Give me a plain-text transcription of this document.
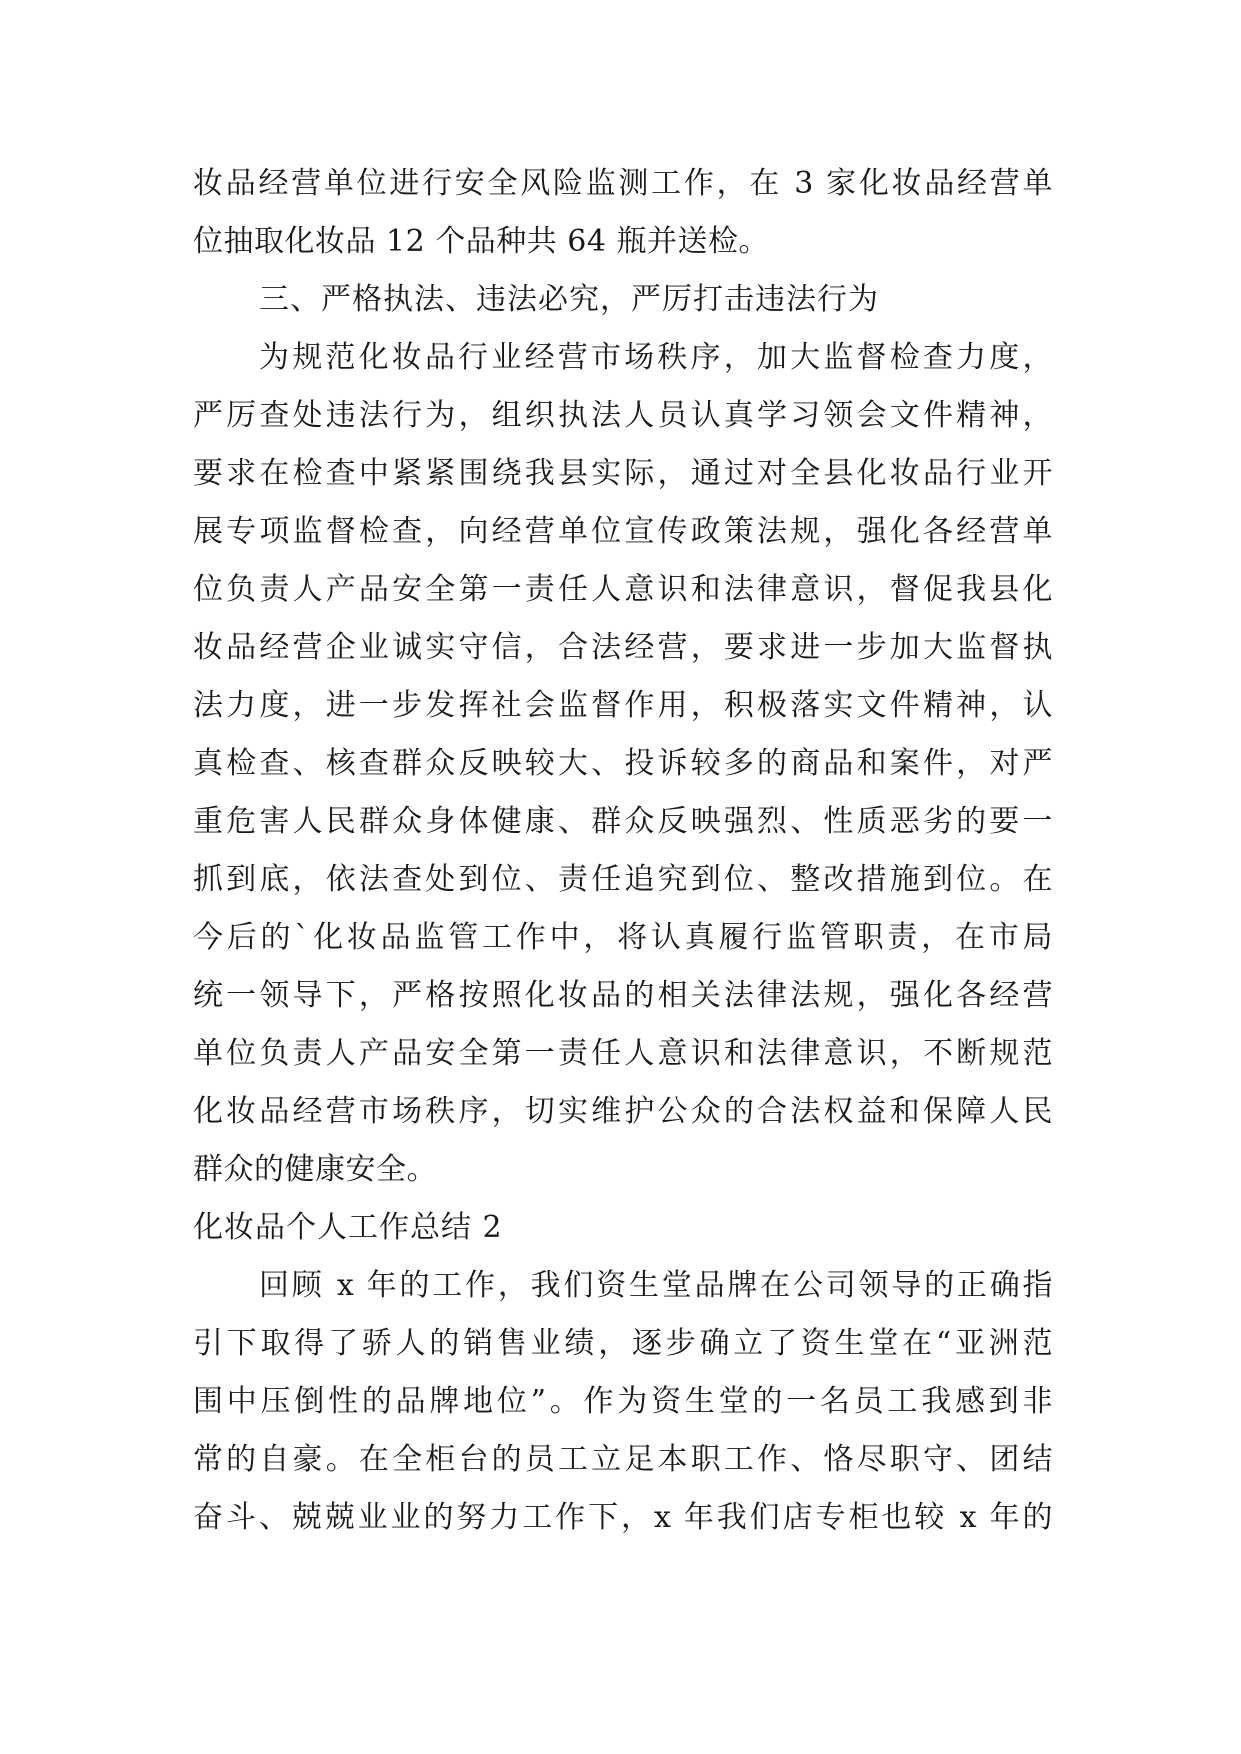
妆品经营单位进行安全风险监测工作，在 3 家化妆品经营单
位抽取化妆品 12 个品种共 64 瓶并送检。
三、严格执法、违法必究，严厉打击违法行为
为规范化妆品行业经营市场秩序，加大监督检查力度，
严厉查处违法行为，组织执法人员认真学习领会文件精神，
要求在检查中紧紧围绕我县实际，通过对全县化妆品行业开
展专项监督检查，向经营单位宣传政策法规，强化各经营单
位负责人产品安全第一责任人意识和法律意识，督促我县化
妆品经营企业诚实守信，合法经营，要求进一步加大监督执
法力度，进一步发挥社会监督作用，积极落实文件精神，认
真检查、核查群众反映较大、投诉较多的商品和案件，对严
重危害人民群众身体健康、群众反映强烈、性质恶劣的要一
抓到底，依法查处到位、责任追究到位、整改措施到位。在
今后的`化妆品监管工作中，将认真履行监管职责，在市局
统一领导下，严格按照化妆品的相关法律法规，强化各经营
单位负责人产品安全第一责任人意识和法律意识，不断规范
化妆品经营市场秩序，切实维护公众的合法权益和保障人民
群众的健康安全。
化妆品个人工作总结 2
回顾 x 年的工作，我们资生堂品牌在公司领导的正确指
引下取得了骄人的销售业绩，逐步确立了资生堂在“亚洲范
围中压倒性的品牌地位”。作为资生堂的一名员工我感到非
常的自豪。在全柜台的员工立足本职工作、恪尽职守、团结
奋斗、兢兢业业的努力工作下，x 年我们店专柜也较 x 年的
